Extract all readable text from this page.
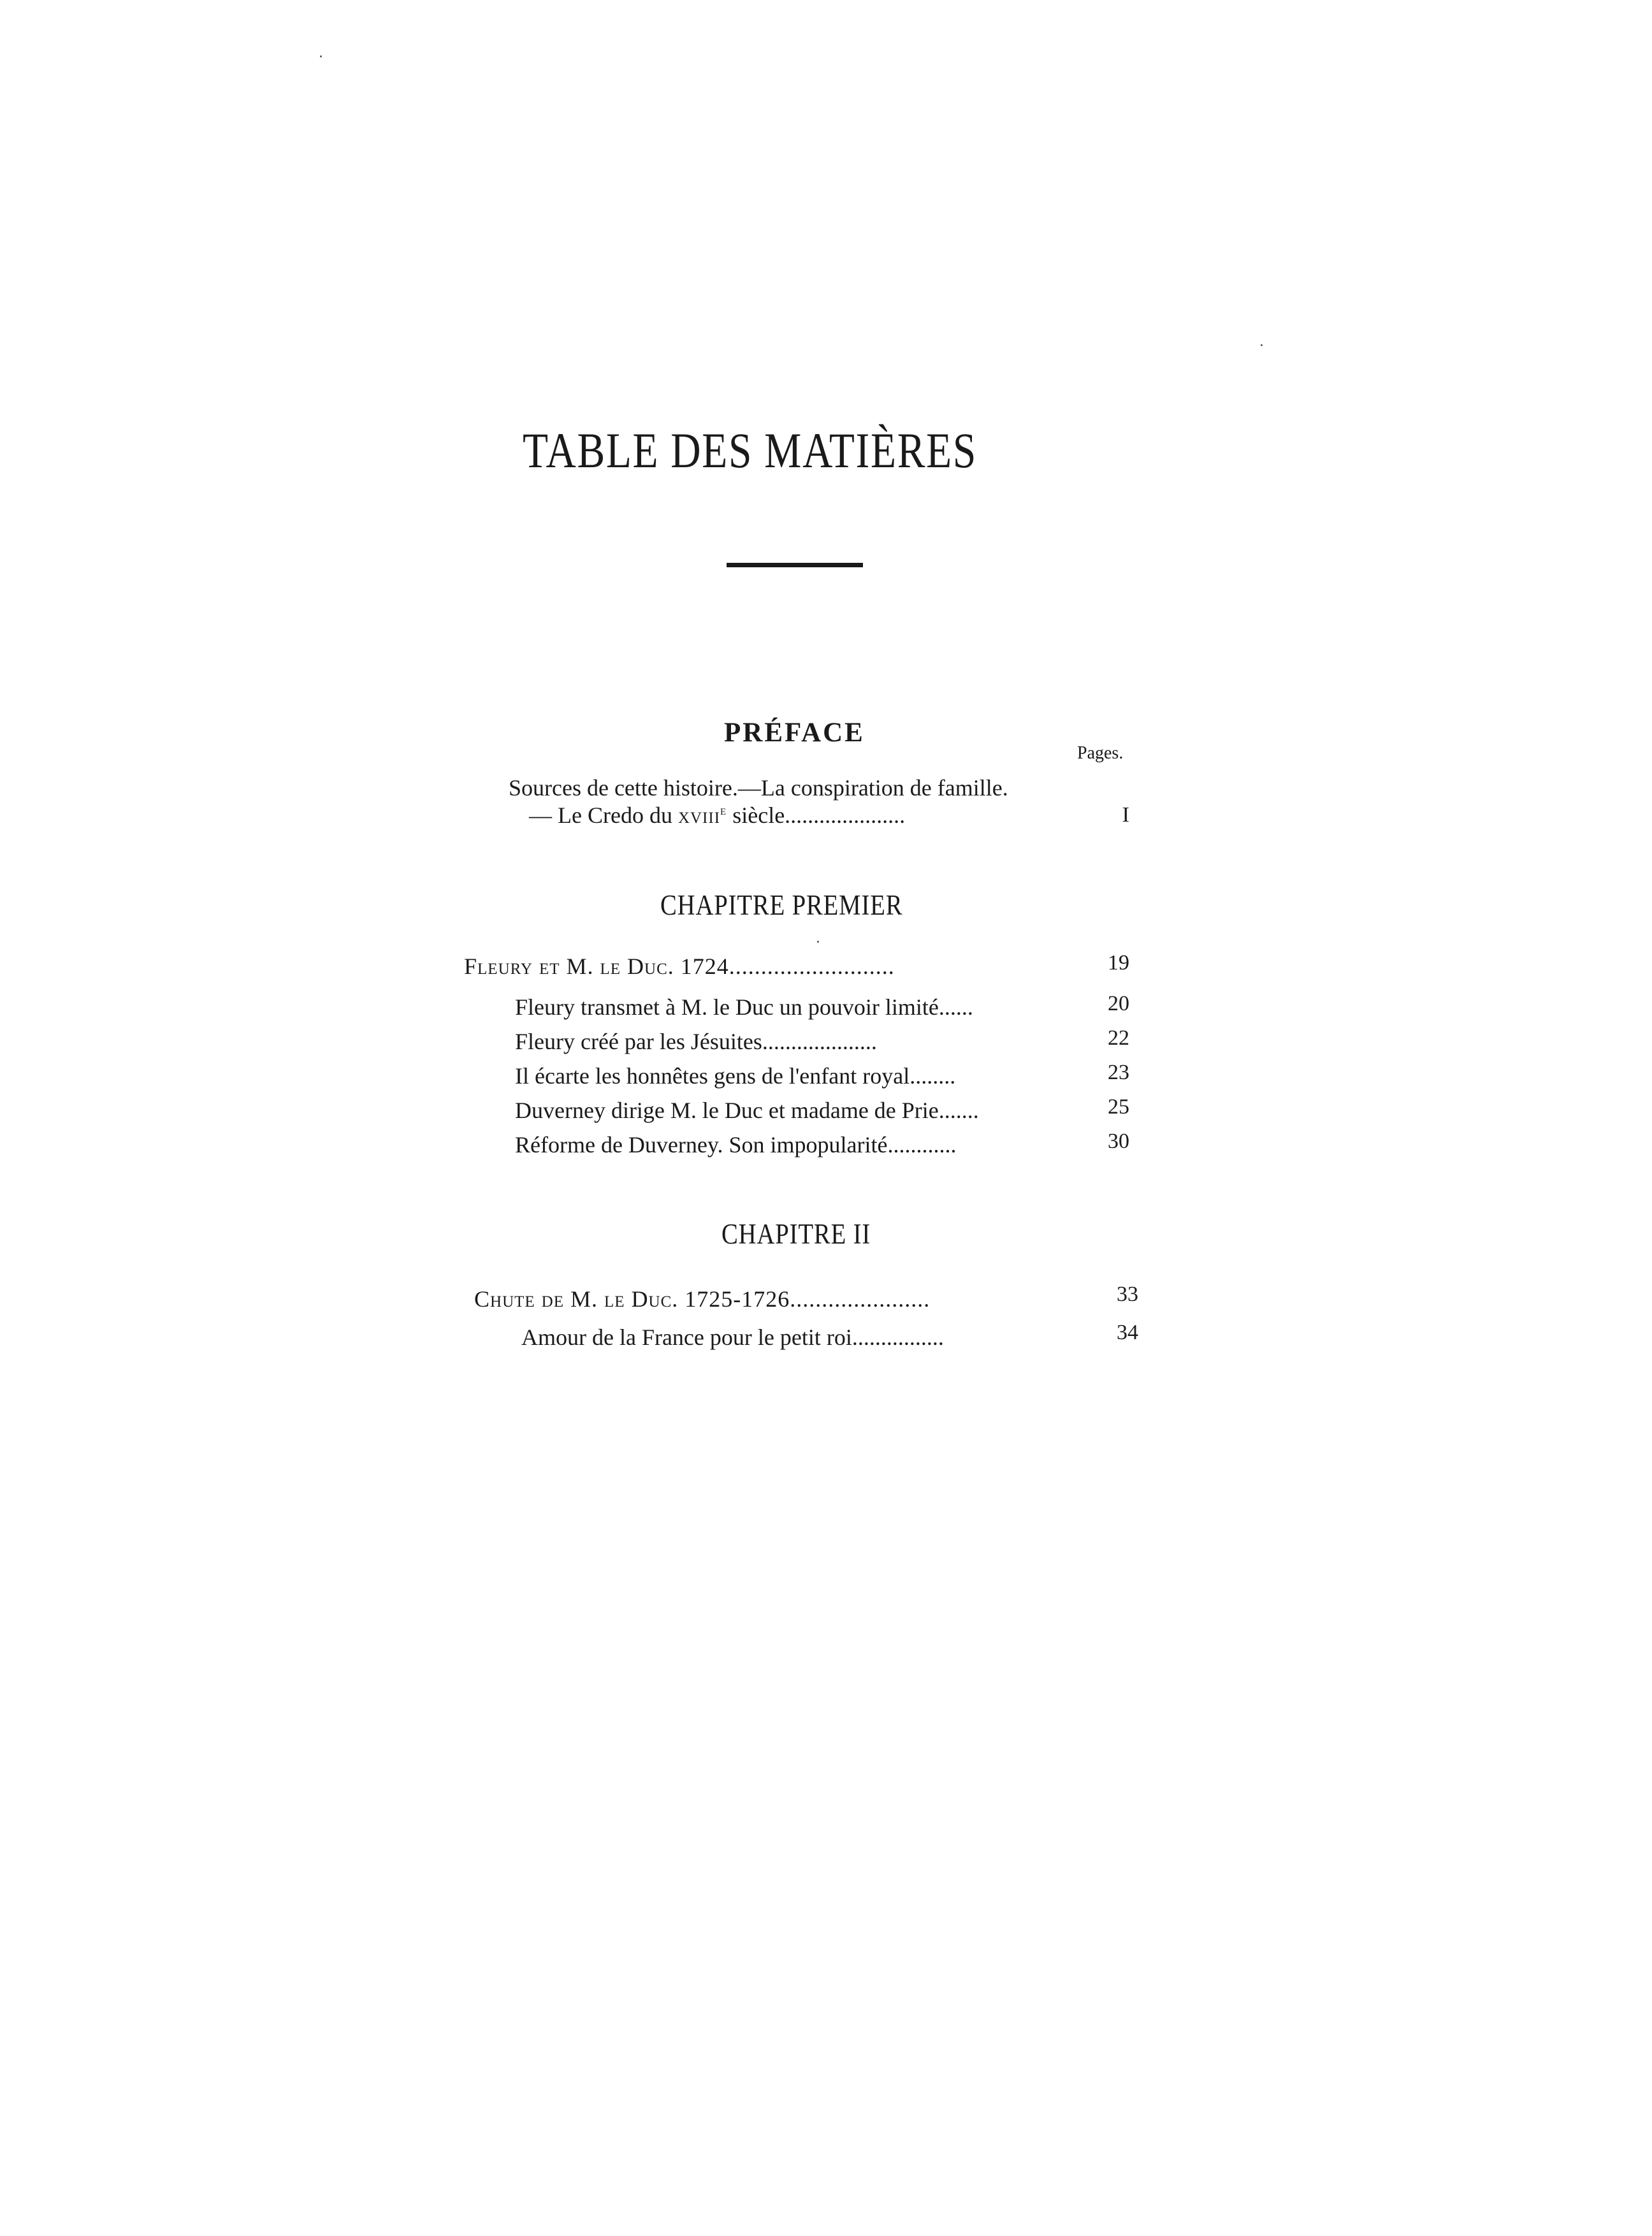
TABLE DES MATIÈRES
PRÉFACE
Pages.
Sources de cette histoire.—La conspiration de famille.
— Le Credo du xviii$^e$ siècle.....................	I
CHAPITRE PREMIER
Fleury et M. le Duc. 1724..........................	19
Fleury transmet à M. le Duc un pouvoir limité......	20
Fleury créé par les Jésuites....................	22
Il écarte les honnêtes gens de l'enfant royal........	23
Duverney dirige M. le Duc et madame de Prie.......	25
Réforme de Duverney. Son impopularité............	30
CHAPITRE II
Chute de M. le Duc. 1725-1726......................	33
Amour de la France pour le petit roi................	34
